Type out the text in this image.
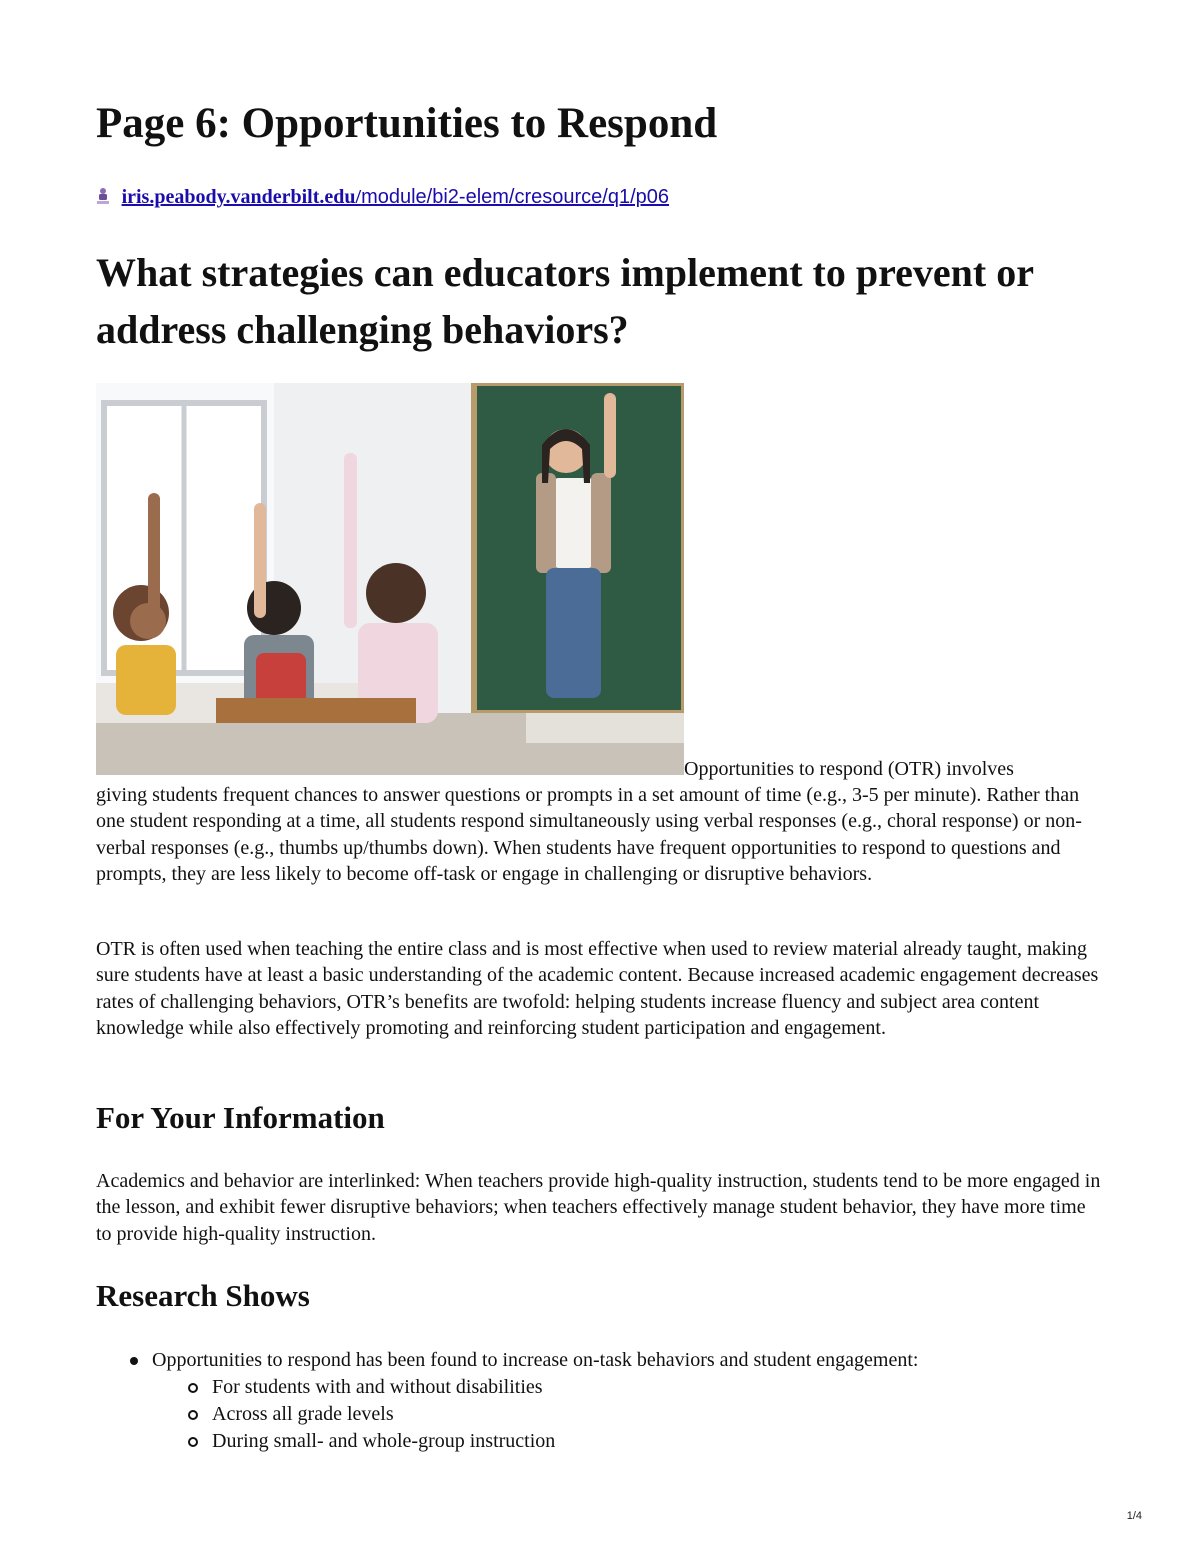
Page 6: Opportunities to Respond
iris.peabody.vanderbilt.edu/module/bi2-elem/cresource/q1/p06
What strategies can educators implement to prevent or address challenging behaviors?
Opportunities to respond (OTR) involves

giving students frequent chances to answer questions or prompts in a set amount of time (e.g., 3-5 per minute). Rather than one student responding at a time, all students respond simultaneously using verbal responses (e.g., choral response) or non-verbal responses (e.g., thumbs up/thumbs down). When students have frequent opportunities to respond to questions and prompts, they are less likely to become off-task or engage in challenging or disruptive behaviors.

OTR is often used when teaching the entire class and is most effective when used to review material already taught, making sure students have at least a basic understanding of the academic content. Because increased academic engagement decreases rates of challenging behaviors, OTR’s benefits are twofold: helping students increase fluency and subject area content knowledge while also effectively promoting and reinforcing student participation and engagement.

For Your Information

Academics and behavior are interlinked: When teachers provide high-quality instruction, students tend to be more engaged in the lesson, and exhibit fewer disruptive behaviors; when teachers effectively manage student behavior, they have more time to provide high-quality instruction.

Research Shows
Opportunities to respond has been found to increase on-task behaviors and student engagement:
For students with and without disabilities
Across all grade levels
During small- and whole-group instruction
1/4
